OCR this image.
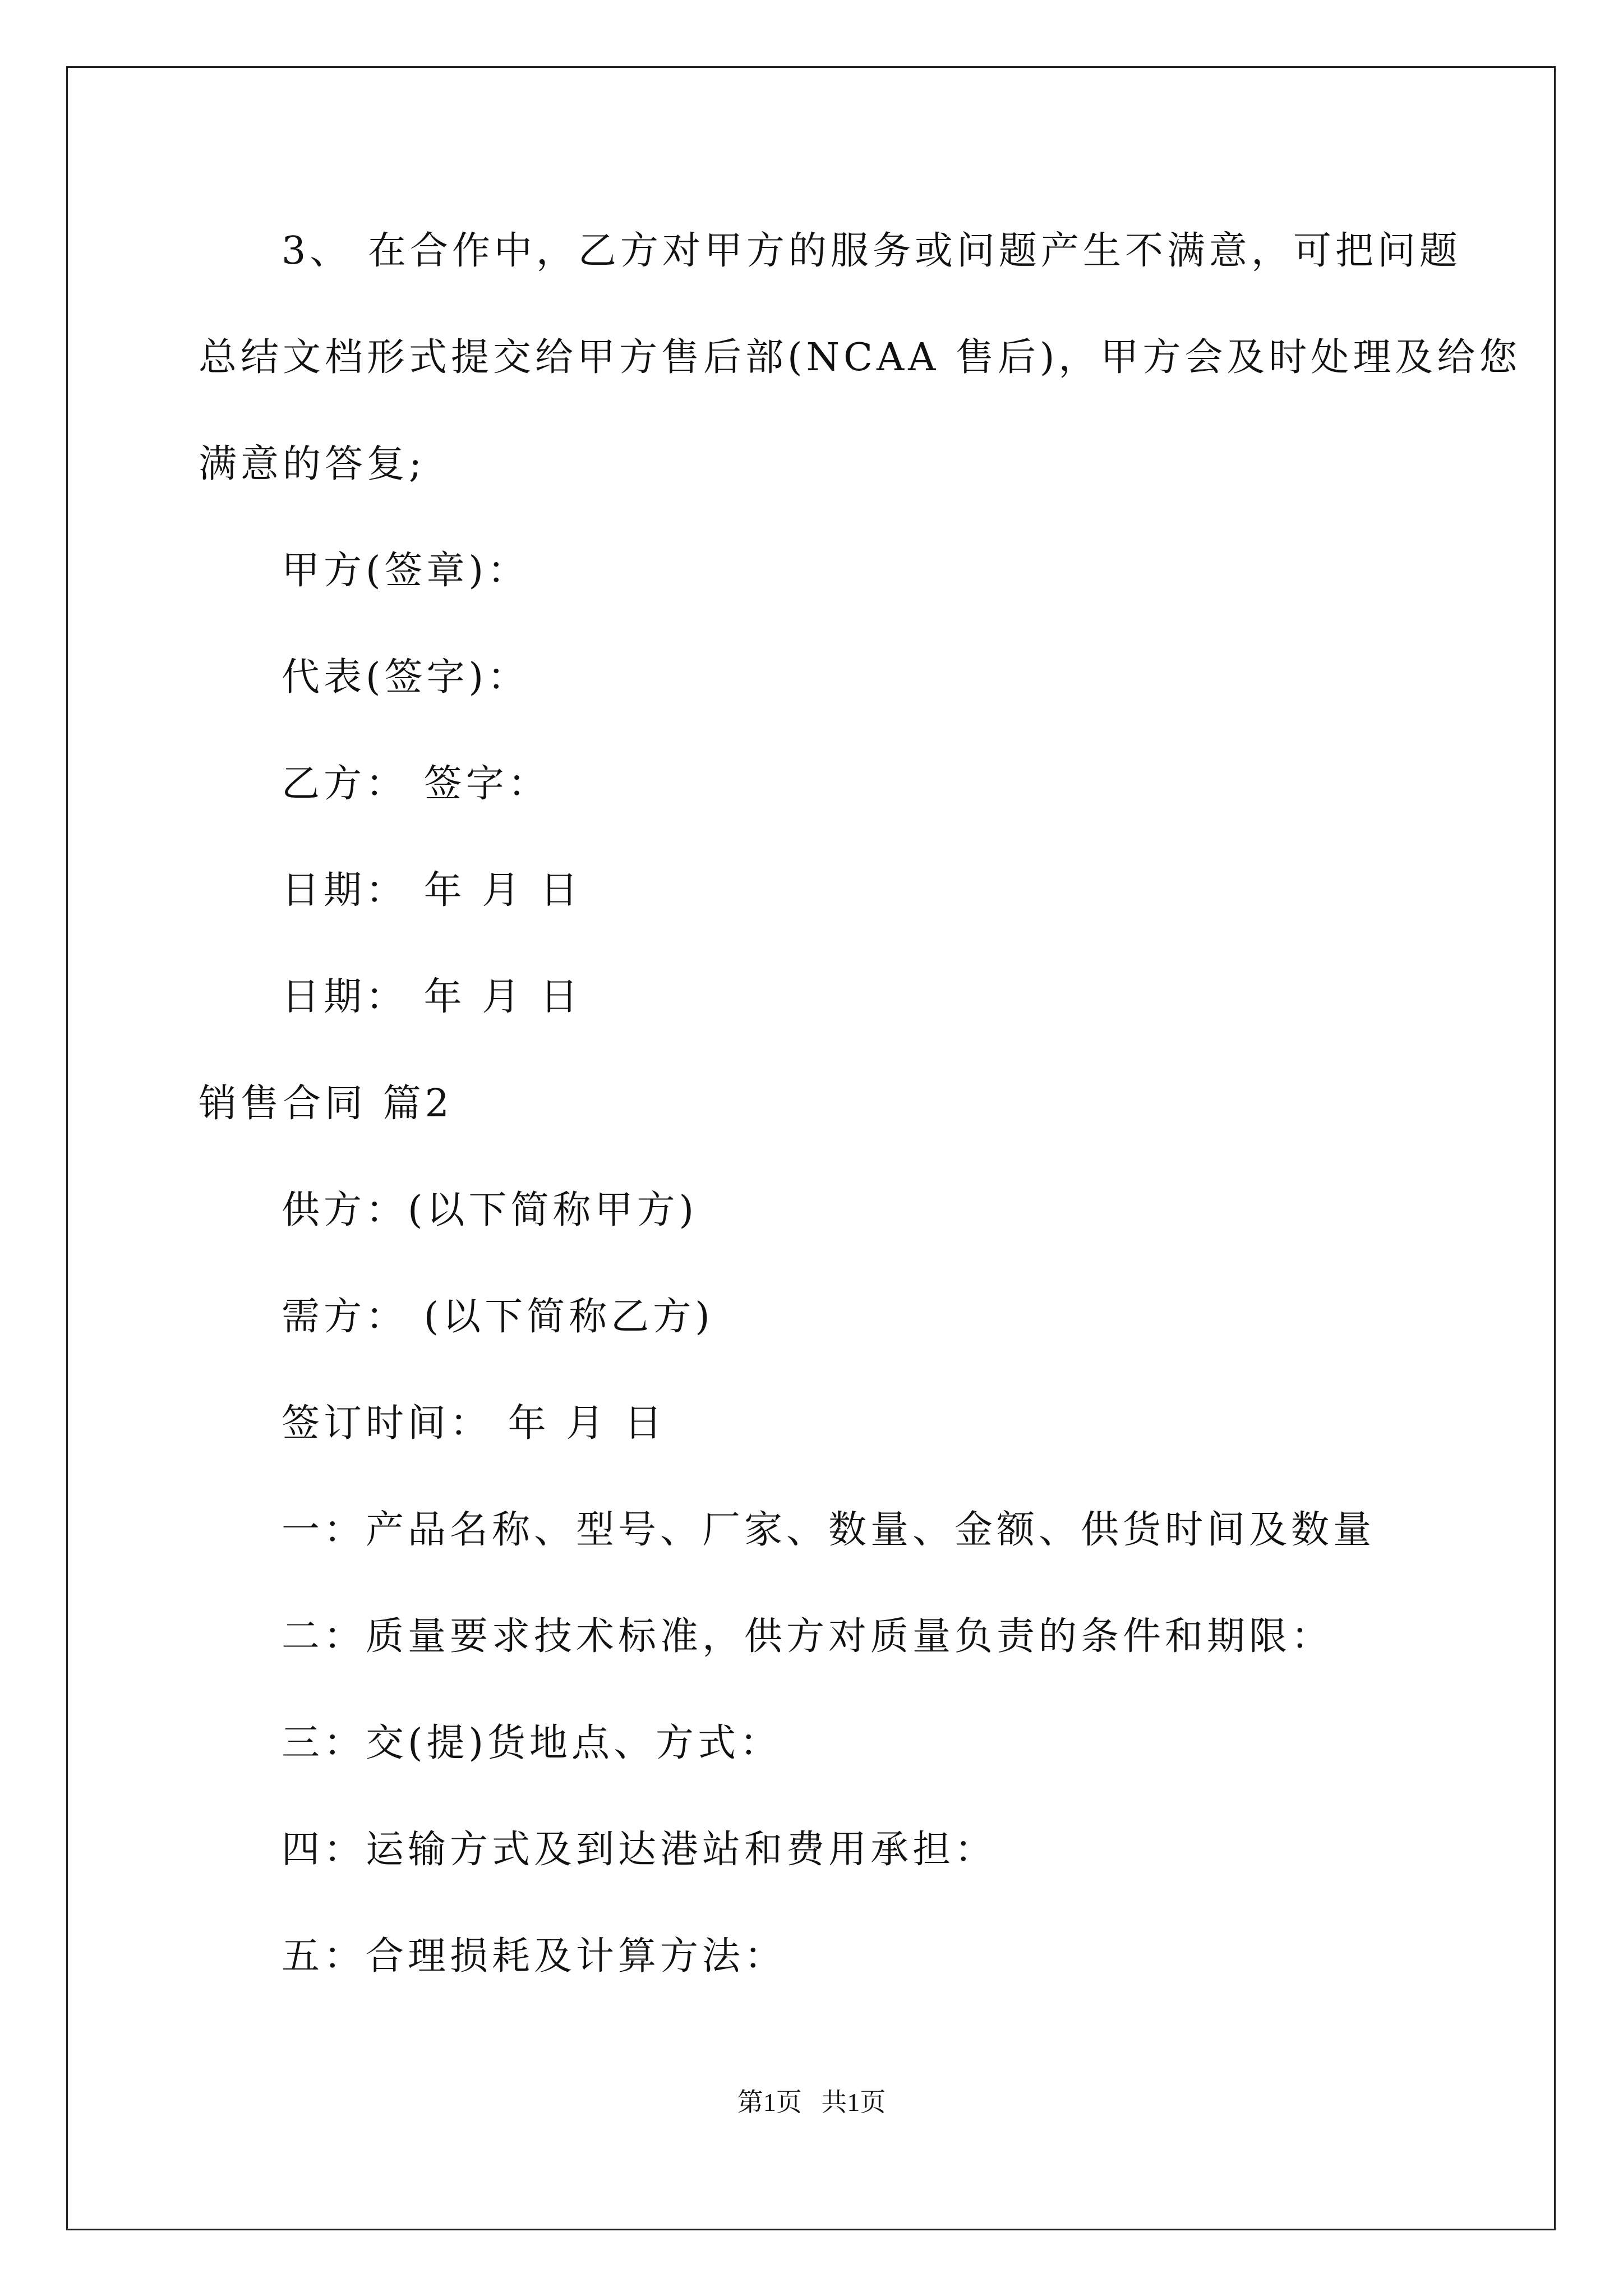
3、 在合作中，乙方对甲方的服务或问题产生不满意，可把问题
总结文档形式提交给甲方售后部(NCAA 售后)，甲方会及时处理及给您
满意的答复;
甲方(签章)：
代表(签字)：
乙方： 签字：
日期： 年 月 日
日期： 年 月 日
销售合同 篇2
供方：(以下简称甲方)
需方： (以下简称乙方)
签订时间： 年 月 日
一：产品名称、型号、厂家、数量、金额、供货时间及数量
二：质量要求技术标准，供方对质量负责的条件和期限：
三：交(提)货地点、方式：
四：运输方式及到达港站和费用承担：
五：合理损耗及计算方法：
第1页   共1页
